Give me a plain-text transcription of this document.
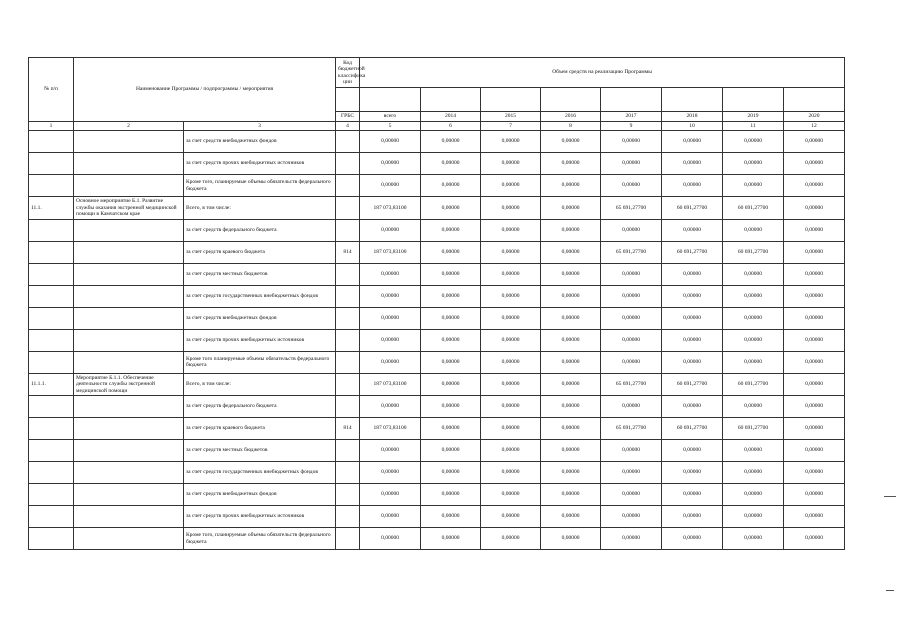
№ п/п	Наименование Программы / подпрограммы / мероприятия		Код бюджетной классифика ции	Объем средств на реализацию Программы							

			ГРБС	всего	2014	2015	2016	2017	2018	2019	2020
1	2	3	4	5	6	7	8	9	10	11	12
		за счет средств внебюджетных фондов		0,00000	0,00000	0,00000	0,00000	0,00000	0,00000	0,00000	0,00000
		за счет средств прочих внебюджетных источников		0,00000	0,00000	0,00000	0,00000	0,00000	0,00000	0,00000	0,00000
		Кроме того, планируемые объемы обязательств федерального бюджета		0,00000	0,00000	0,00000	0,00000	0,00000	0,00000	0,00000	0,00000
11.1.	Основное мероприятие Б.1. Развитие службы оказания экстренной медицинской помощи в Камчатском крае	Всего, в том числе:		187 073,83100	0,00000	0,00000	0,00000	65 691,27700	60 691,27700	60 691,27700	0,00000
		за счет средств федерального бюджета		0,00000	0,00000	0,00000	0,00000	0,00000	0,00000	0,00000	0,00000
		за счет средств краевого бюджета	814	187 073,83100	0,00000	0,00000	0,00000	65 691,27700	60 691,27700	60 691,27700	0,00000
		за счет средств местных бюджетов		0,00000	0,00000	0,00000	0,00000	0,00000	0,00000	0,00000	0,00000
		за счет средств государственных внебюджетных фондов		0,00000	0,00000	0,00000	0,00000	0,00000	0,00000	0,00000	0,00000
		за счет средств внебюджетных фондов		0,00000	0,00000	0,00000	0,00000	0,00000	0,00000	0,00000	0,00000
		за счет средств прочих внебюджетных источников		0,00000	0,00000	0,00000	0,00000	0,00000	0,00000	0,00000	0,00000
		Кроме того планируемые объемы обязательств федерального бюджета		0,00000	0,00000	0,00000	0,00000	0,00000	0,00000	0,00000	0,00000
11.1.1.	Мероприятие Б.1.1. Обеспечение деятельности службы экстренной медицинской помощи	Всего, в том числе:		187 073,83100	0,00000	0,00000	0,00000	65 691,27700	60 691,27700	60 691,27700	0,00000
		за счет средств федерального бюджета		0,00000	0,00000	0,00000	0,00000	0,00000	0,00000	0,00000	0,00000
		за счет средств краевого бюджета	814	187 073,83100	0,00000	0,00000	0,00000	65 691,27700	60 691,27700	60 691,27700	0,00000
		за счет средств местных бюджетов		0,00000	0,00000	0,00000	0,00000	0,00000	0,00000	0,00000	0,00000
		за счет средств государственных внебюджетных фондов		0,00000	0,00000	0,00000	0,00000	0,00000	0,00000	0,00000	0,00000
		за счет средств внебюджетных фондов		0,00000	0,00000	0,00000	0,00000	0,00000	0,00000	0,00000	0,00000
		за счет средств прочих внебюджетных источников		0,00000	0,00000	0,00000	0,00000	0,00000	0,00000	0,00000	0,00000
		Кроме того, планируемые объемы обязательств федерального бюджета		0,00000	0,00000	0,00000	0,00000	0,00000	0,00000	0,00000	0,00000
